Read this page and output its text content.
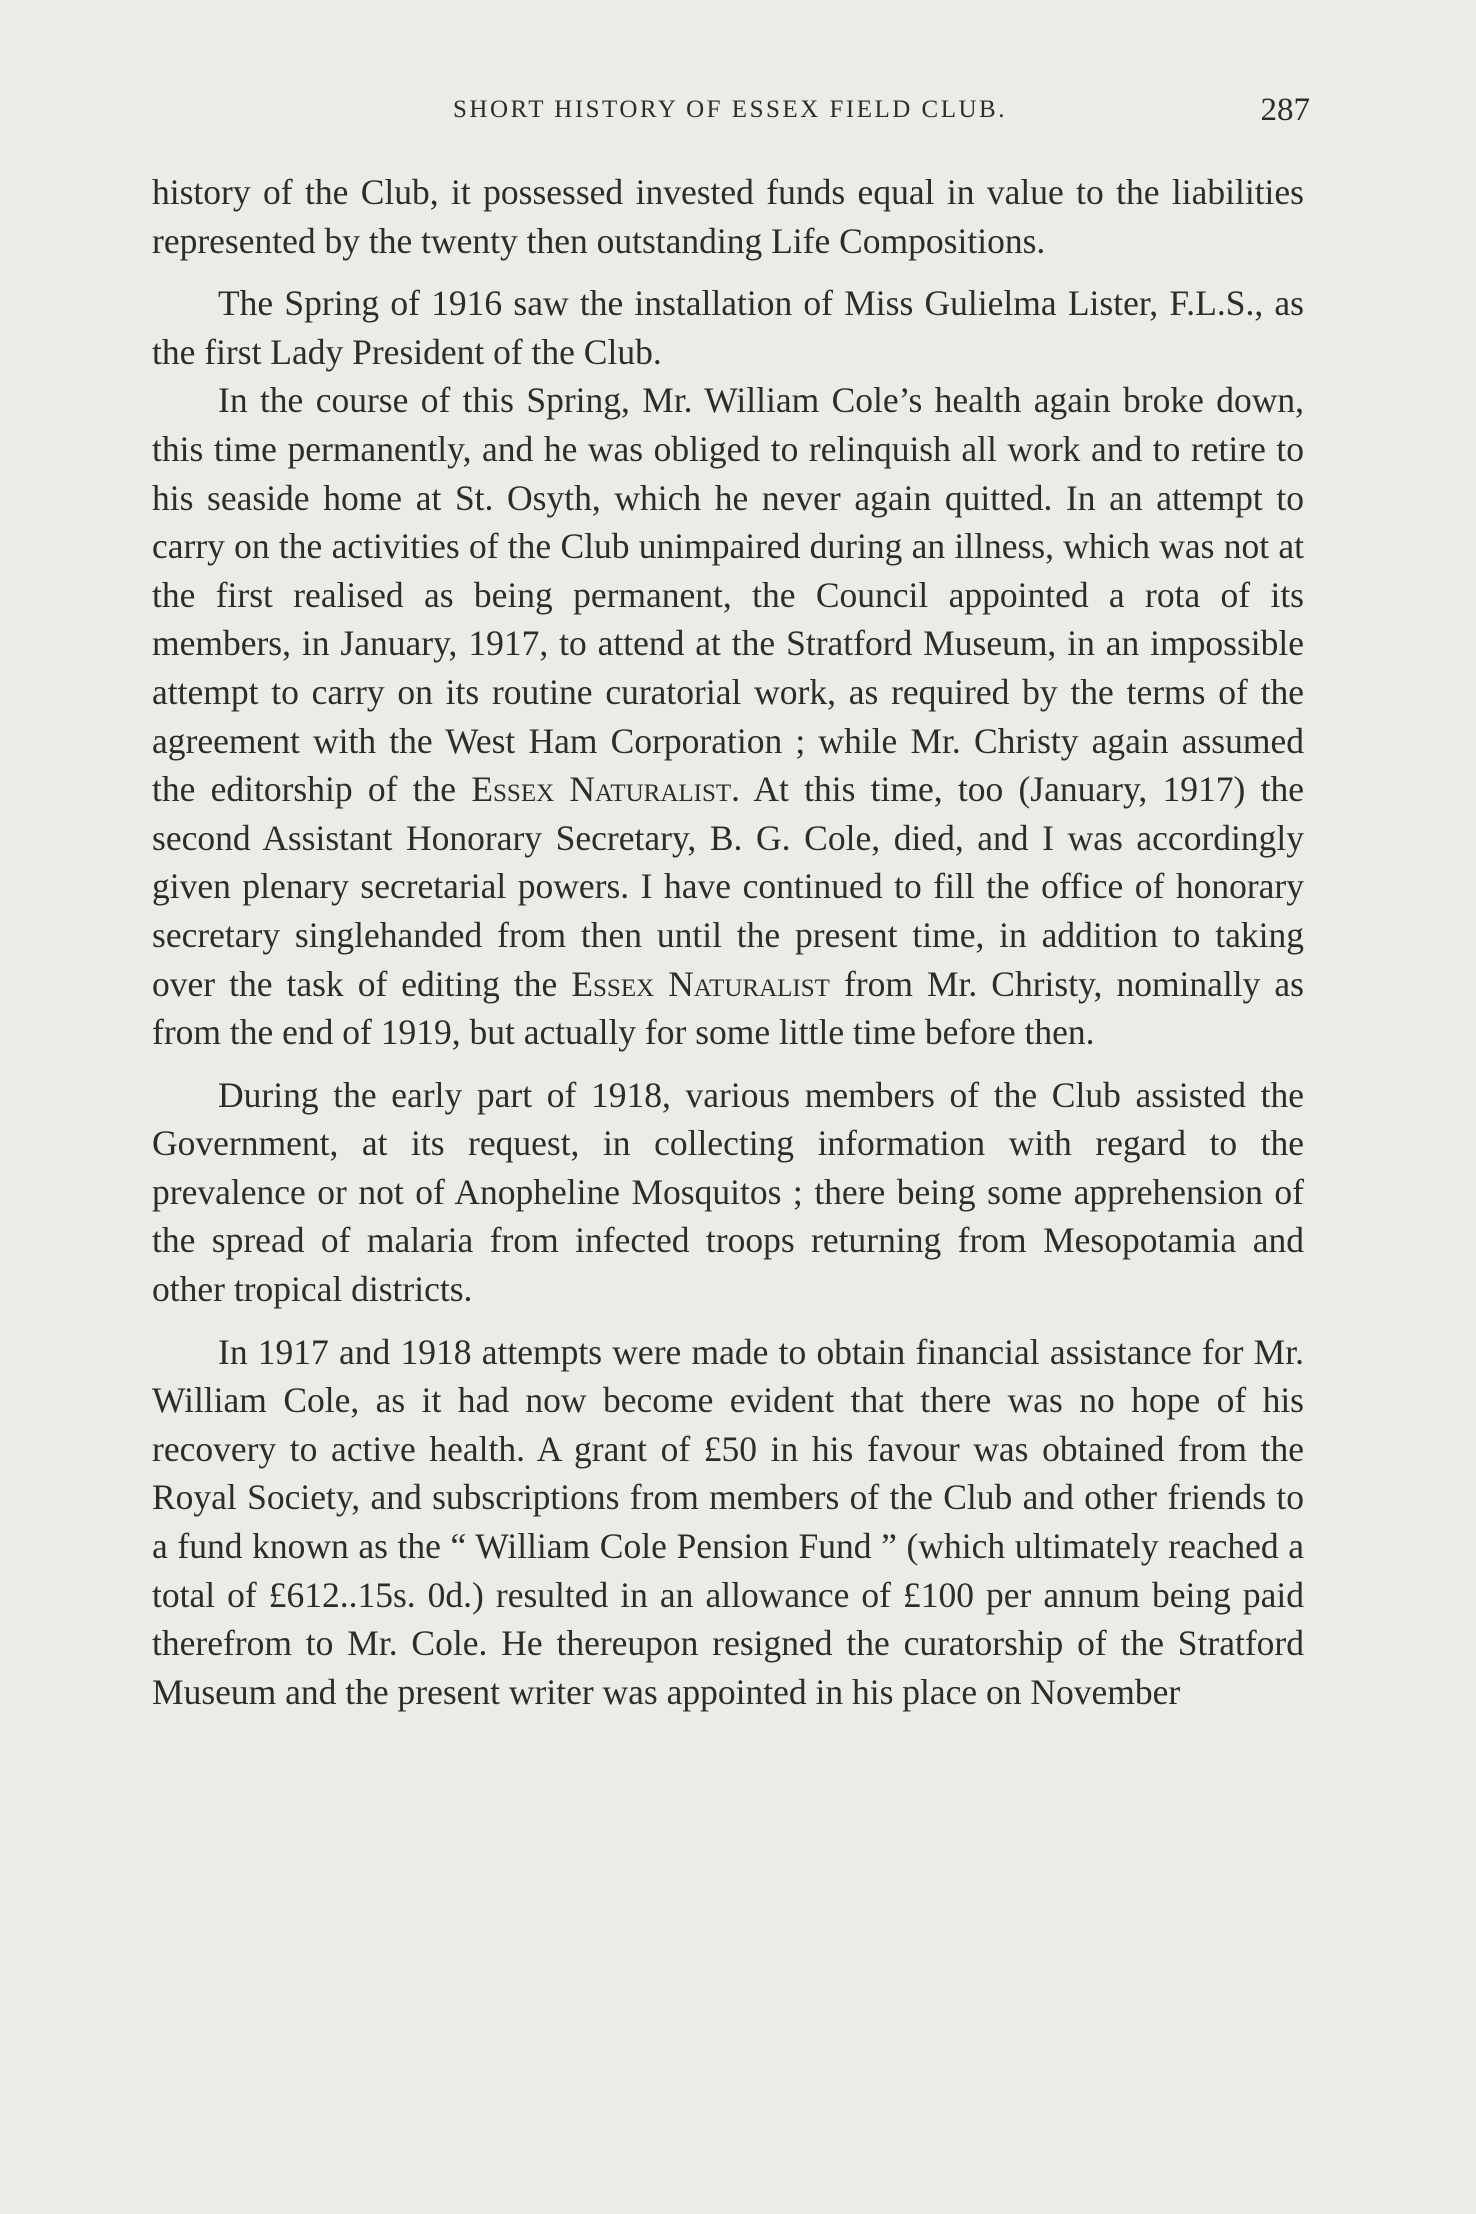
SHORT HISTORY OF ESSEX FIELD CLUB.	287

history of the Club, it possessed invested funds equal in value to the liabilities represented by the twenty then outstanding Life Compositions.

The Spring of 1916 saw the installation of Miss Gulielma Lister, F.L.S., as the first Lady President of the Club.

In the course of this Spring, Mr. William Cole’s health again broke down, this time permanently, and he was obliged to relinquish all work and to retire to his seaside home at St. Osyth, which he never again quitted. In an attempt to carry on the activities of the Club unimpaired during an illness, which was not at the first realised as being permanent, the Council appointed a rota of its members, in January, 1917, to attend at the Stratford Museum, in an impossible attempt to carry on its routine curatorial work, as required by the terms of the agreement with the West Ham Corporation ; while Mr. Christy again assumed the editorship of the Essex Naturalist. At this time, too (January, 1917) the second Assistant Honorary Secretary, B. G. Cole, died, and I was accordingly given plenary secretarial powers. I have continued to fill the office of honorary secretary singlehanded from then until the present time, in addition to taking over the task of editing the Essex Naturalist from Mr. Christy, nominally as from the end of 1919, but actually for some little time before then.

During the early part of 1918, various members of the Club assisted the Government, at its request, in collecting information with regard to the prevalence or not of Anopheline Mosquitos ; there being some apprehension of the spread of malaria from infected troops returning from Mesopotamia and other tropical districts.

In 1917 and 1918 attempts were made to obtain financial assistance for Mr. William Cole, as it had now become evident that there was no hope of his recovery to active health. A grant of £50 in his favour was obtained from the Royal Society, and subscriptions from members of the Club and other friends to a fund known as the “ William Cole Pension Fund ” (which ultimately reached a total of £612..15s. 0d.) resulted in an allowance of £100 per annum being paid therefrom to Mr. Cole. He thereupon resigned the curatorship of the Stratford Museum and the present writer was appointed in his place on November
